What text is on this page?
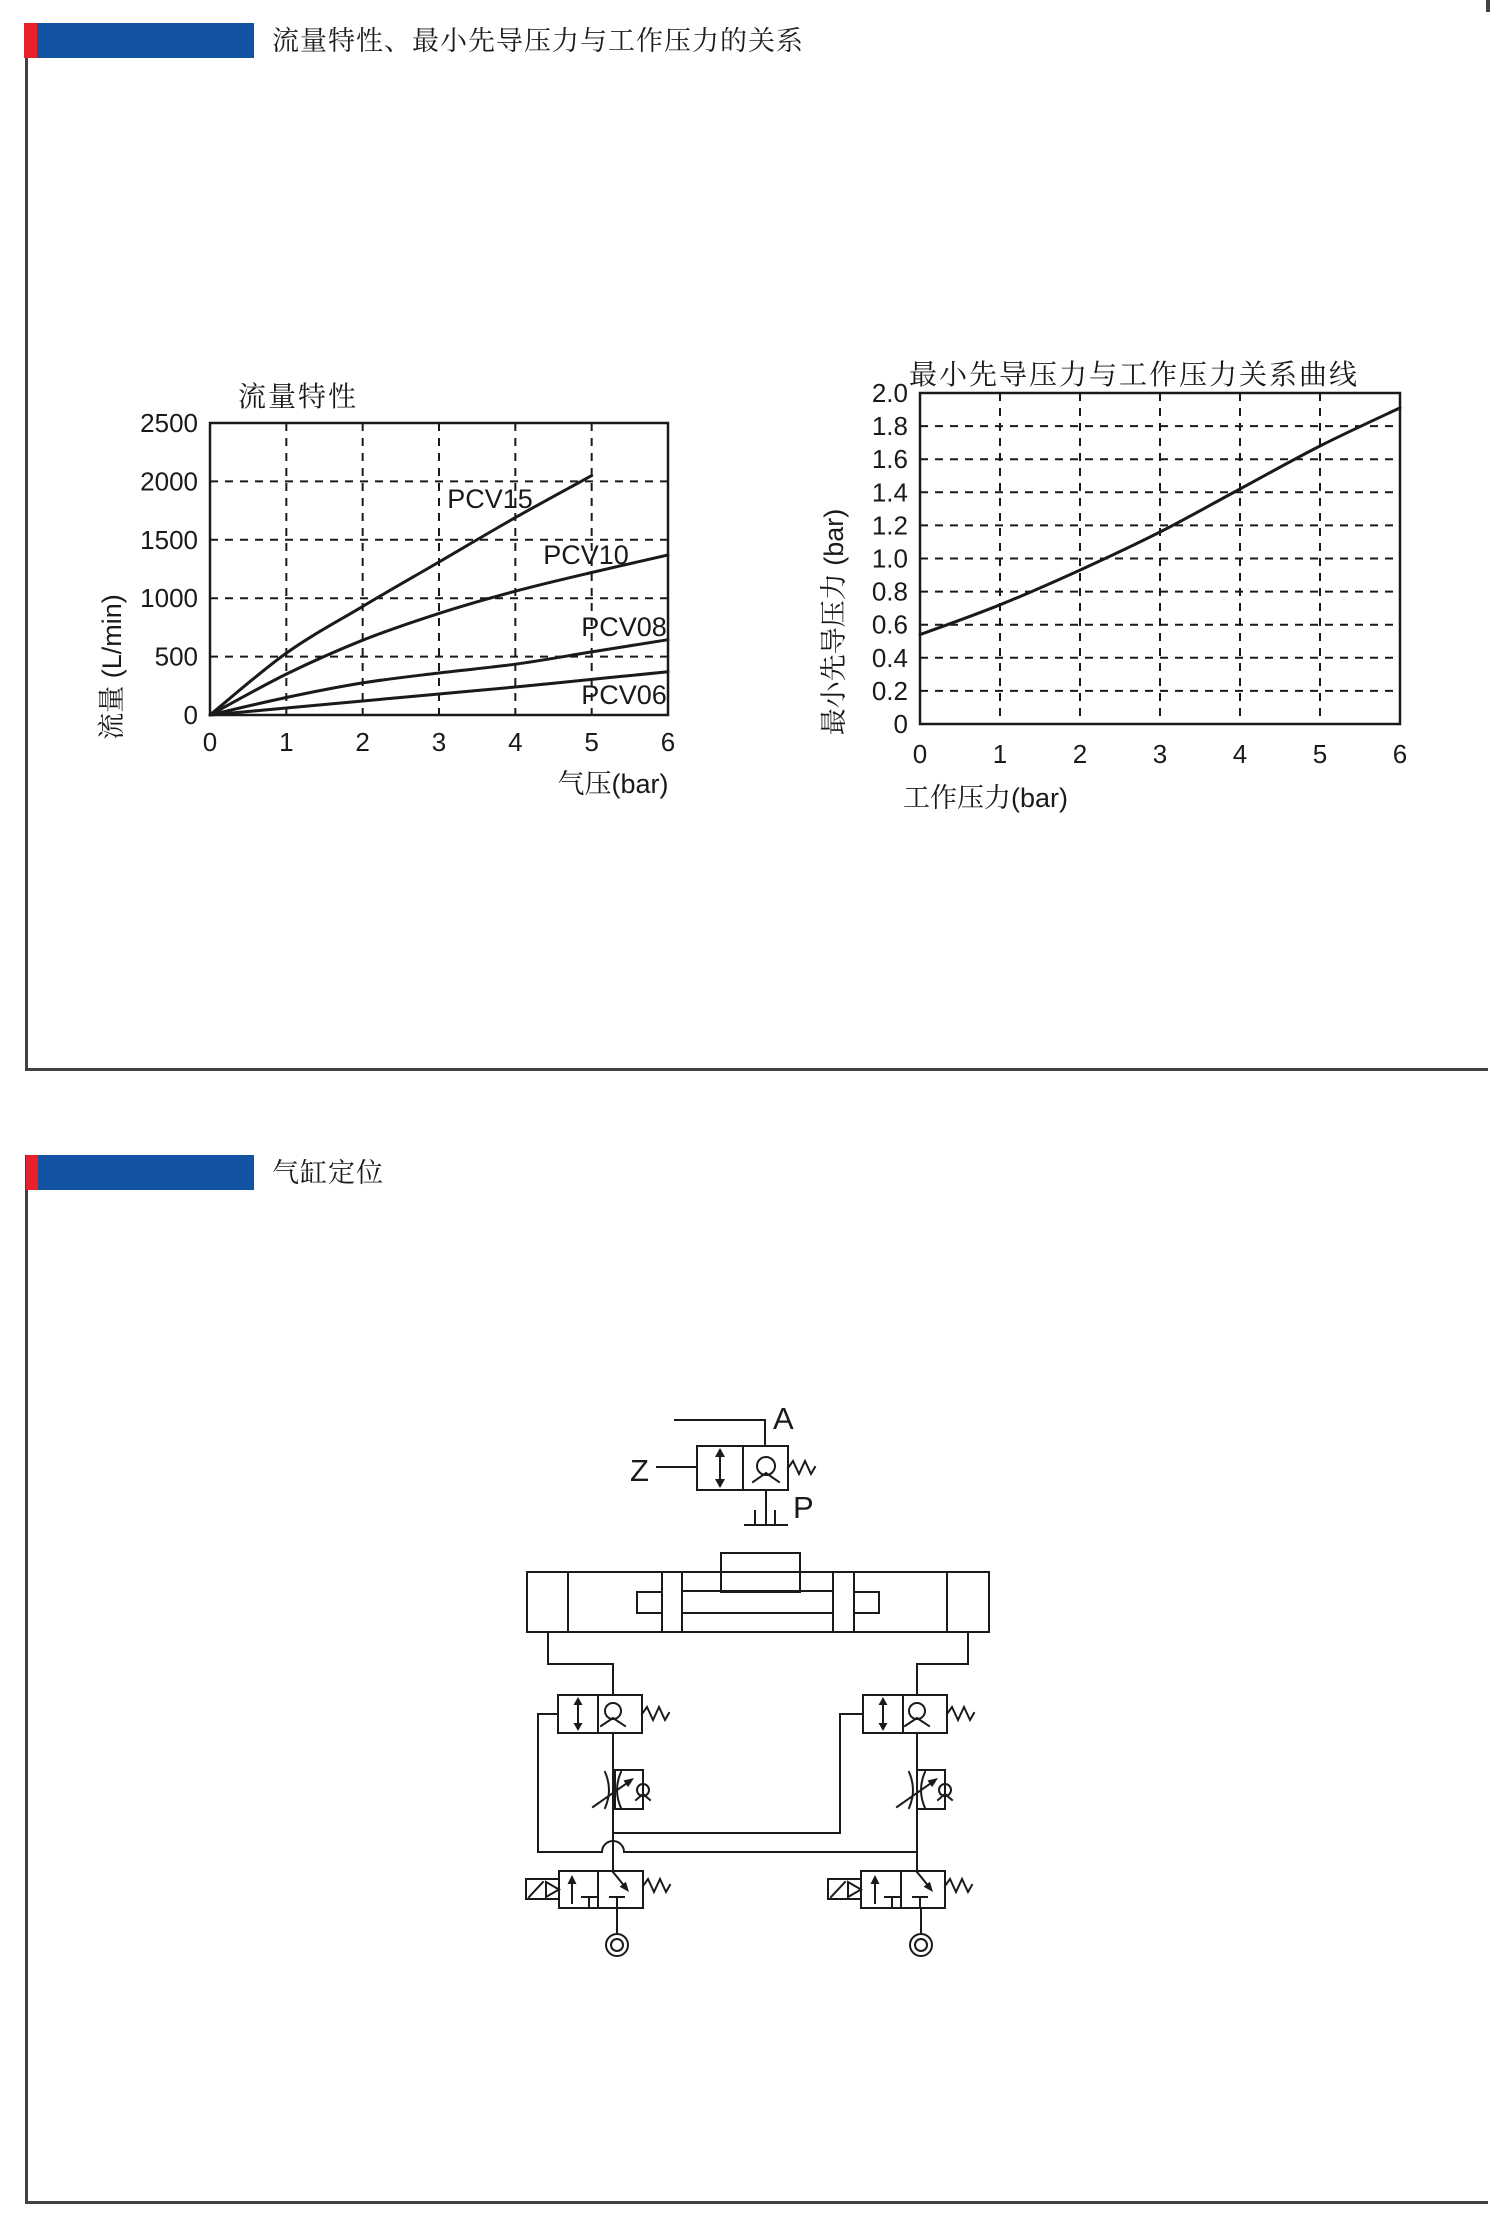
流量特性、最小先导压力与工作压力的关系
0 1 2 3 4 5 6
0
500
1000
1500
2000
2500
PCV15
PCV10
PCV08
PCV06
流量特性
气压(bar)
流量 (L/min)
0	1	2	3	4	5	6
0
0.2
0.4
0.6
0.8
1.0
1.2
1.4
1.6
1.8
2.0
最小先导压力与工作压力关系曲线
工作压力(bar)
最小先导压力 (bar)
气缸定位
Z
A
P
